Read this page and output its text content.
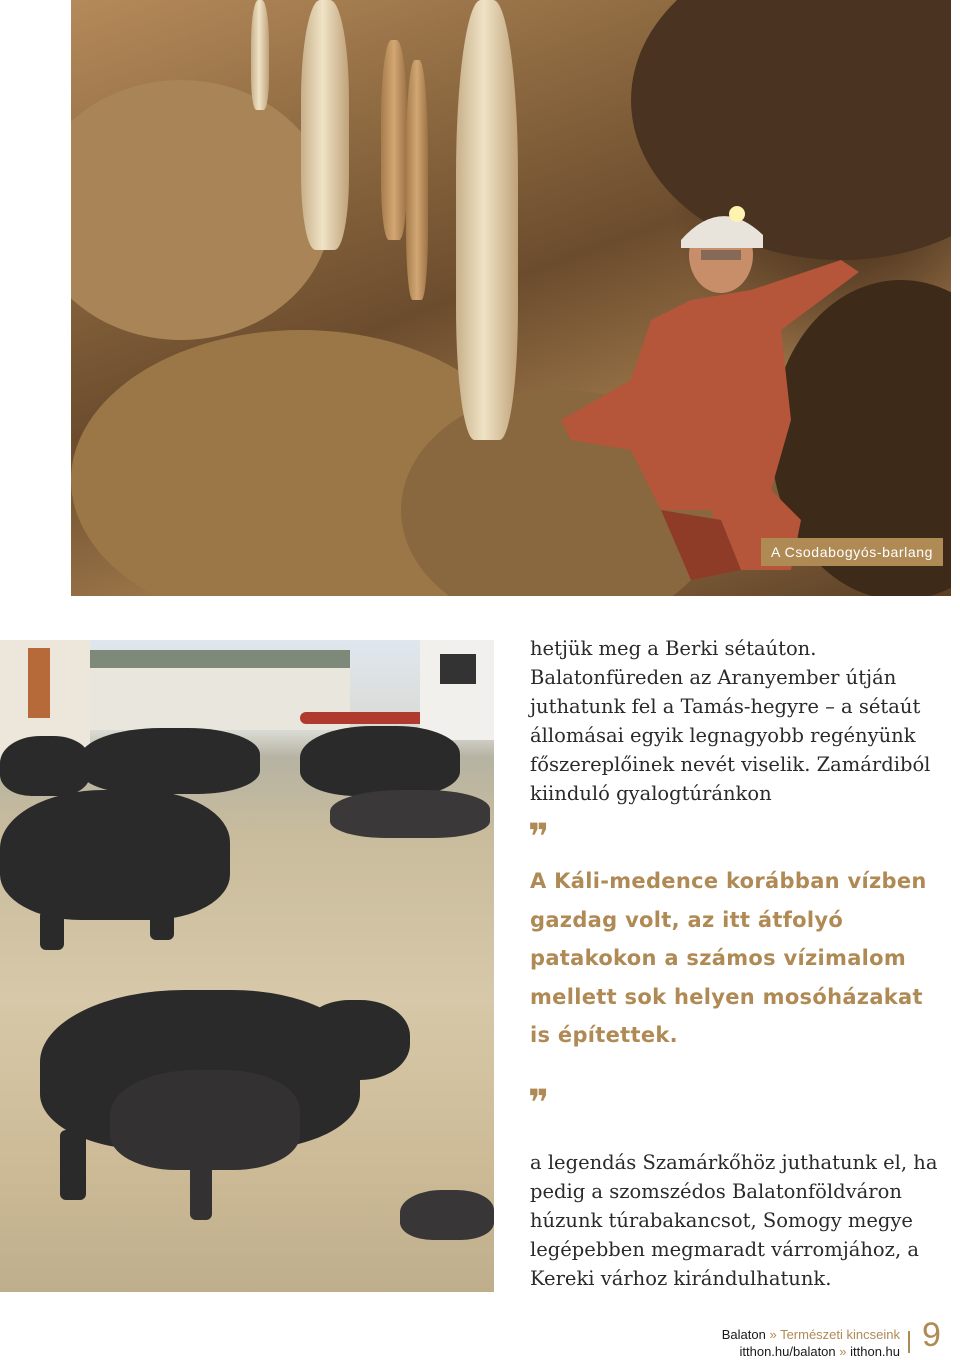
A Csodabogyós-barlang

hetjük meg a Berki sétaúton. Balatonfüreden az Aranyember útján juthatunk fel a Tamás-hegyre – a sétaút állomásai egyik legnagyobb regényünk főszereplőinek nevét viselik. Zamárdiból kiinduló gyalogtúránkon

❞

A Káli-medence korábban vízben gazdag volt, az itt átfolyó patakokon a számos vízimalom mellett sok helyen mosóházakat is építettek.

❞

a legendás Szamárkőhöz juthatunk el, ha pedig a szomszédos Balatonföldváron húzunk túrabakancsot, Somogy megye legépebben megmaradt várromjához, a Kereki várhoz kirándulhatunk.

Balaton » Természeti kincseink
itthon.hu/balaton » itthon.hu 9
